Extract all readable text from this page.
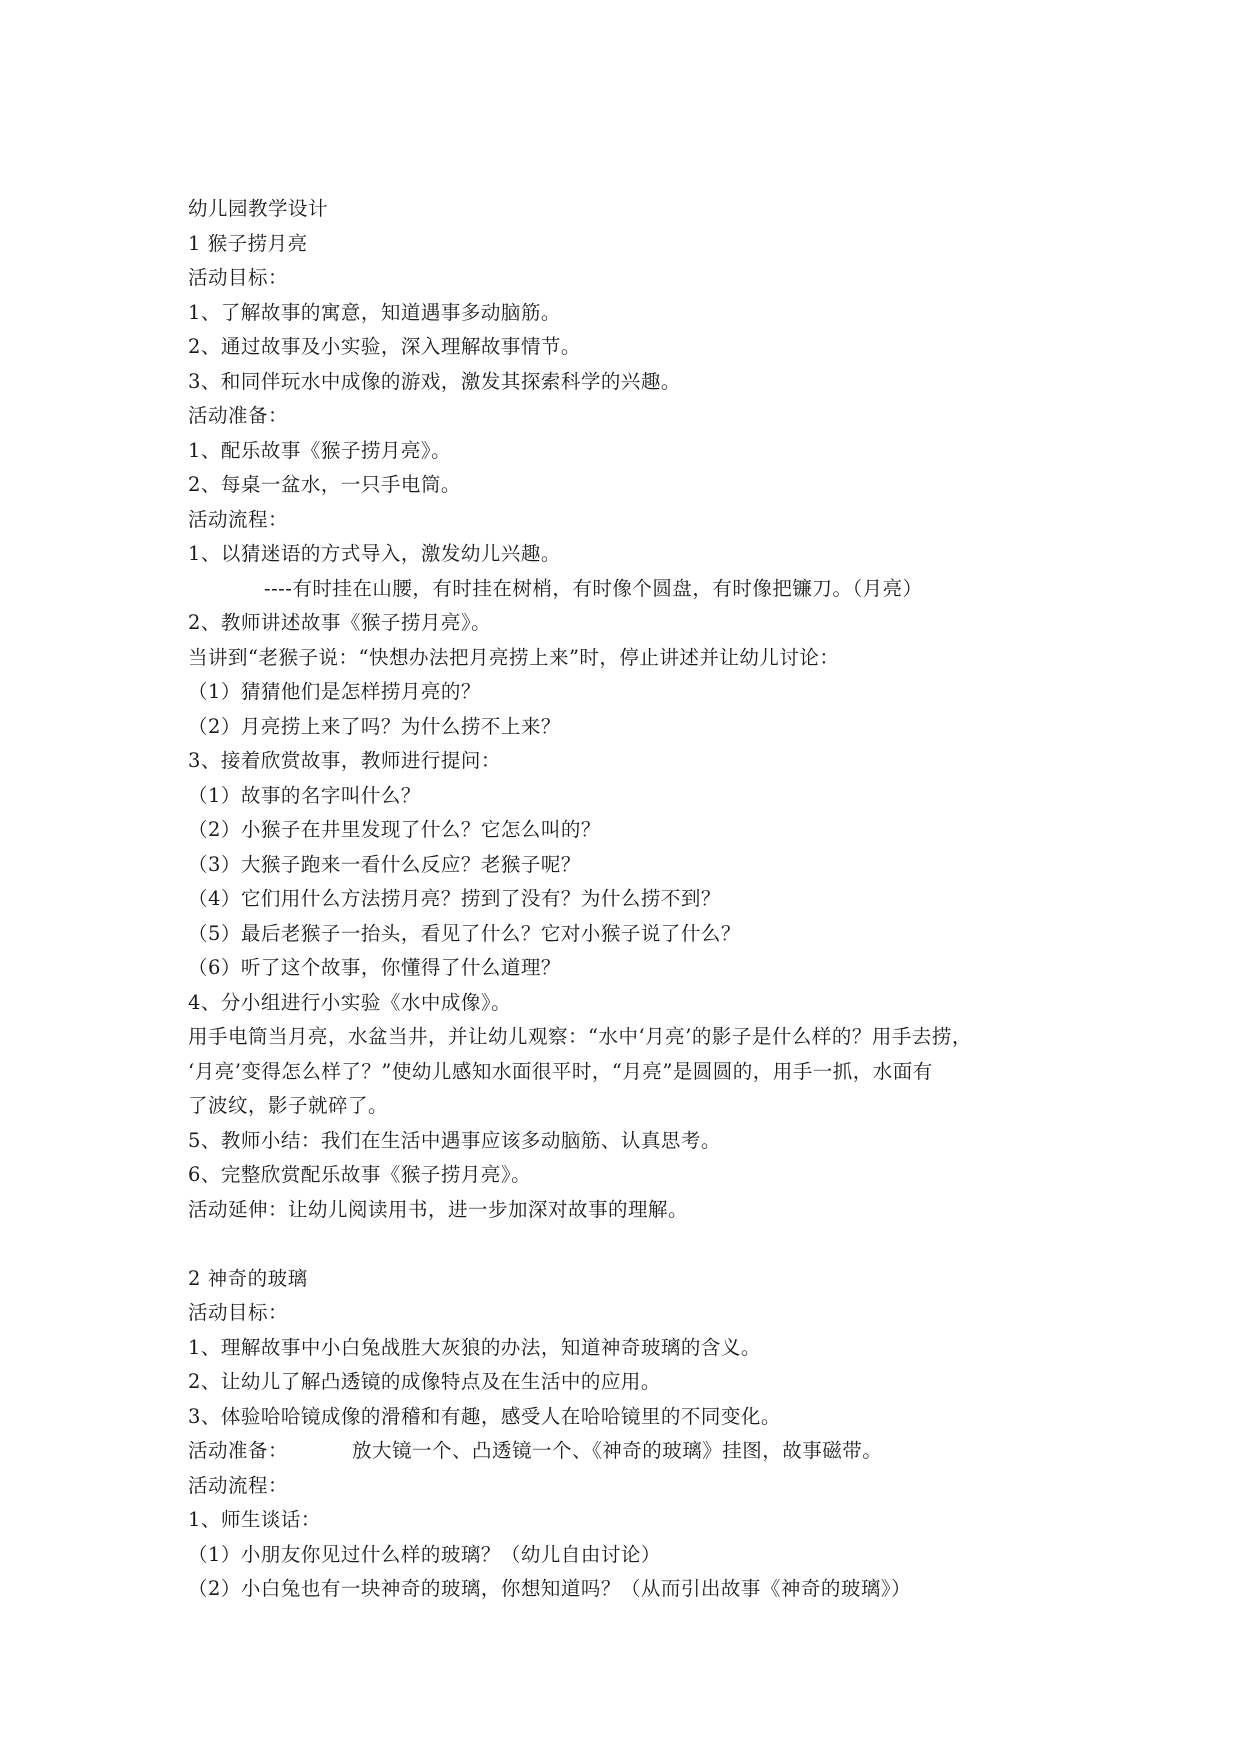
幼儿园教学设计
1 猴子捞月亮
活动目标：
1、了解故事的寓意，知道遇事多动脑筋。
2、通过故事及小实验，深入理解故事情节。
3、和同伴玩水中成像的游戏，激发其探索科学的兴趣。
活动准备：
1、配乐故事《猴子捞月亮》。
2、每桌一盆水，一只手电筒。
活动流程：
1、以猜迷语的方式导入，激发幼儿兴趣。
----有时挂在山腰，有时挂在树梢，有时像个圆盘，有时像把镰刀。（月亮）
2、教师讲述故事《猴子捞月亮》。
当讲到“老猴子说：“快想办法把月亮捞上来”时，停止讲述并让幼儿讨论：
（1）猜猜他们是怎样捞月亮的？
（2）月亮捞上来了吗？为什么捞不上来？
3、接着欣赏故事，教师进行提问：
（1）故事的名字叫什么？
（2）小猴子在井里发现了什么？它怎么叫的？
（3）大猴子跑来一看什么反应？老猴子呢？
（4）它们用什么方法捞月亮？捞到了没有？为什么捞不到？
（5）最后老猴子一抬头，看见了什么？它对小猴子说了什么？
（6）听了这个故事，你懂得了什么道理？
4、分小组进行小实验《水中成像》。
用手电筒当月亮，水盆当井，并让幼儿观察：“水中‘月亮’的影子是什么样的？用手去捞，
‘月亮’变得怎么样了？”使幼儿感知水面很平时，“月亮”是圆圆的，用手一抓，水面有
了波纹，影子就碎了。
5、教师小结：我们在生活中遇事应该多动脑筋、认真思考。
6、完整欣赏配乐故事《猴子捞月亮》。
活动延伸：让幼儿阅读用书，进一步加深对故事的理解。
2 神奇的玻璃
活动目标：
1、理解故事中小白兔战胜大灰狼的办法，知道神奇玻璃的含义。
2、让幼儿了解凸透镜的成像特点及在生活中的应用。
3、体验哈哈镜成像的滑稽和有趣，感受人在哈哈镜里的不同变化。
活动准备：	放大镜一个、凸透镜一个、《神奇的玻璃》挂图，故事磁带。
活动流程：
1、师生谈话：
（1）小朋友你见过什么样的玻璃？（幼儿自由讨论）
（2）小白兔也有一块神奇的玻璃，你想知道吗？（从而引出故事《神奇的玻璃》）
